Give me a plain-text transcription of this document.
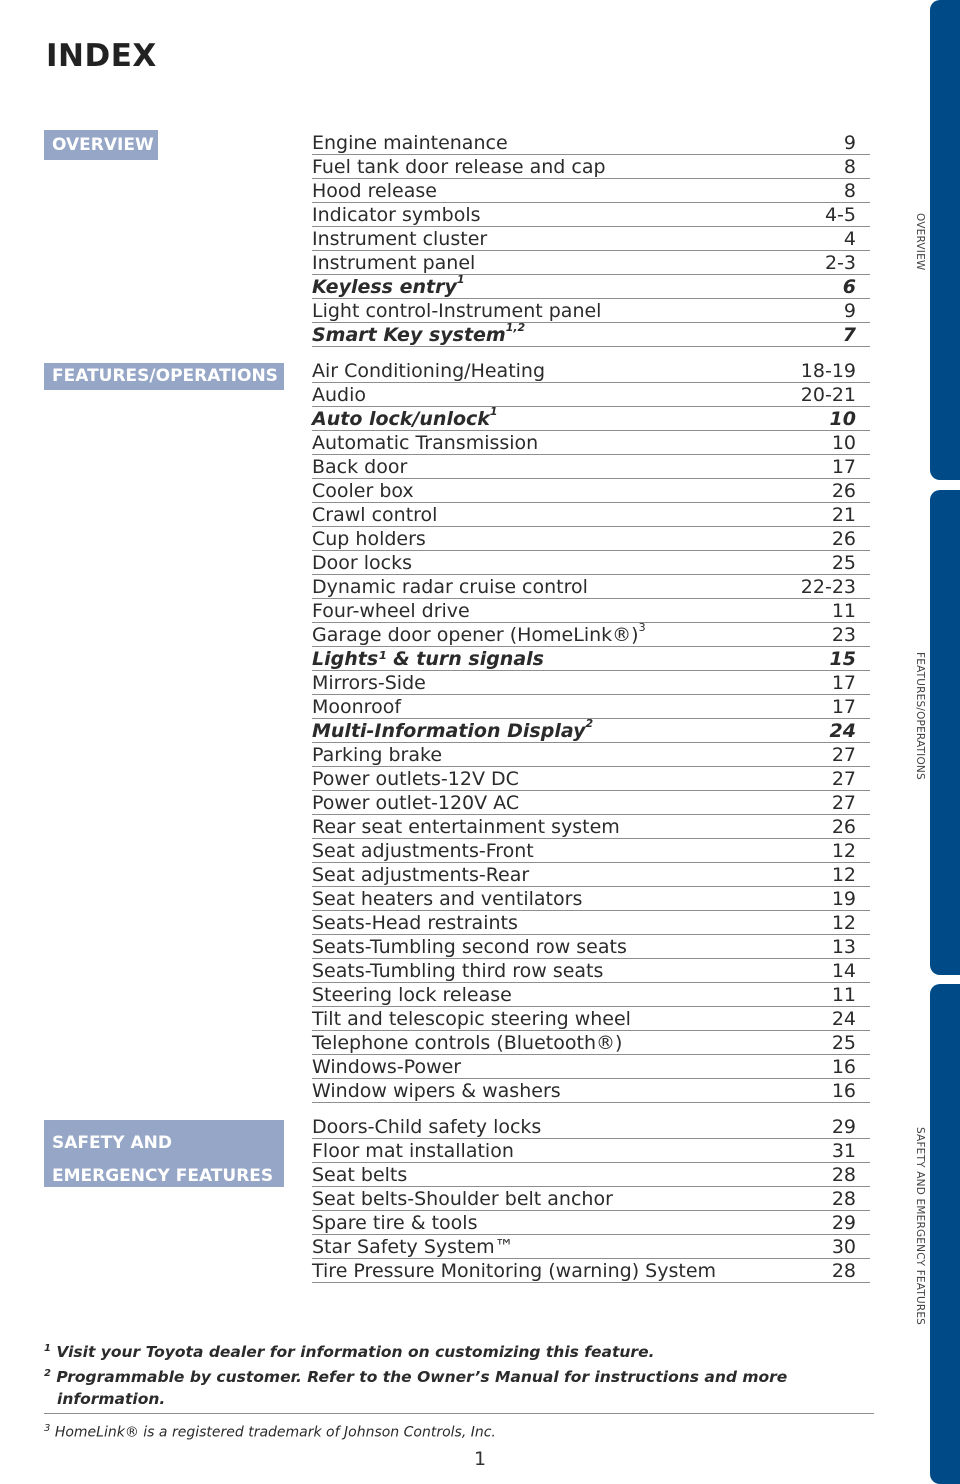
INDEX
OVERVIEW
FEATURES/OPERATIONS
SAFETY AND
EMERGENCY FEATURES
Engine maintenance	9
Fuel tank door release and cap	8
Hood release	8
Indicator symbols	4-5
Instrument cluster	4
Instrument panel	2-3
Keyless entry$^1$	6
Light control-Instrument panel	9
Smart Key system$^{1,2}$	7
Air Conditioning/Heating	18-19
Audio	20-21
Auto lock/unlock$^1$	10
Automatic Transmission	10
Back door	17
Cooler box	26
Crawl control	21
Cup holders	26
Door locks	25
Dynamic radar cruise control	22-23
Four-wheel drive	11
Garage door opener (HomeLink®)$^3$	23
Lights¹ & turn signals	15
Mirrors-Side	17
Moonroof	17
Multi-Information Display$^2$	24
Parking brake	27
Power outlets-12V DC	27
Power outlet-120V AC	27
Rear seat entertainment system	26
Seat adjustments-Front	12
Seat adjustments-Rear	12
Seat heaters and ventilators	19
Seats-Head restraints	12
Seats-Tumbling second row seats	13
Seats-Tumbling third row seats	14
Steering lock release	11
Tilt and telescopic steering wheel	24
Telephone controls (Bluetooth®)	25
Windows-Power	16
Window wipers & washers	16
Doors-Child safety locks	29
Floor mat installation	31
Seat belts	28
Seat belts-Shoulder belt anchor	28
Spare tire & tools	29
Star Safety System™	30
Tire Pressure Monitoring (warning) System	28
OVERVIEW
FEATURES/OPERATIONS
SAFETY AND EMERGENCY FEATURES
$^1$ Visit your Toyota dealer for information on customizing this feature.
$^2$ Programmable by customer. Refer to the Owner’s Manual for instructions and more
information.
$^3$ HomeLink® is a registered trademark of Johnson Controls, Inc.
1
